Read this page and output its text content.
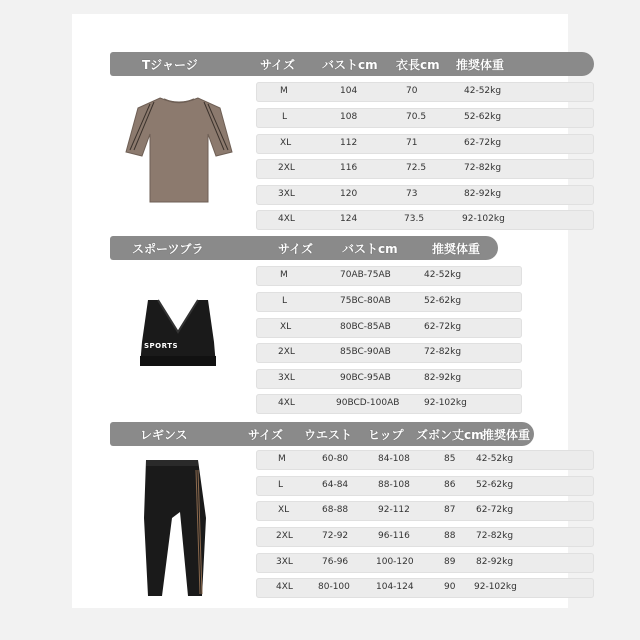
Tジャージ	サイズ バストcm 衣長cm 推奨体重
M	104	70	42-52kg
L	108	70.5	52-62kg
XL	112	71	62-72kg
2XL	116	72.5	72-82kg
3XL	120	73	82-92kg
4XL	124	73.5	92-102kg
スポーツブラ	サイズ バストcm	推奨体重
SPORTS
M	70AB-75AB	42-52kg
L	75BC-80AB	52-62kg
XL	80BC-85AB	62-72kg
2XL	85BC-90AB	72-82kg
3XL	90BC-95AB	82-92kg
4XL	90BCD-100AB	92-102kg
レギンス	サイズ ウエスト ヒップ ズボン丈cm
推奨体重
M	60-80	84-108	85 42-52kg
L	64-84	88-108	86 52-62kg
XL	68-88	92-112	87 62-72kg
2XL	72-92	96-116	88 72-82kg
3XL	76-96	100-120	89 82-92kg
4XL	80-100	104-124	90 92-102kg
